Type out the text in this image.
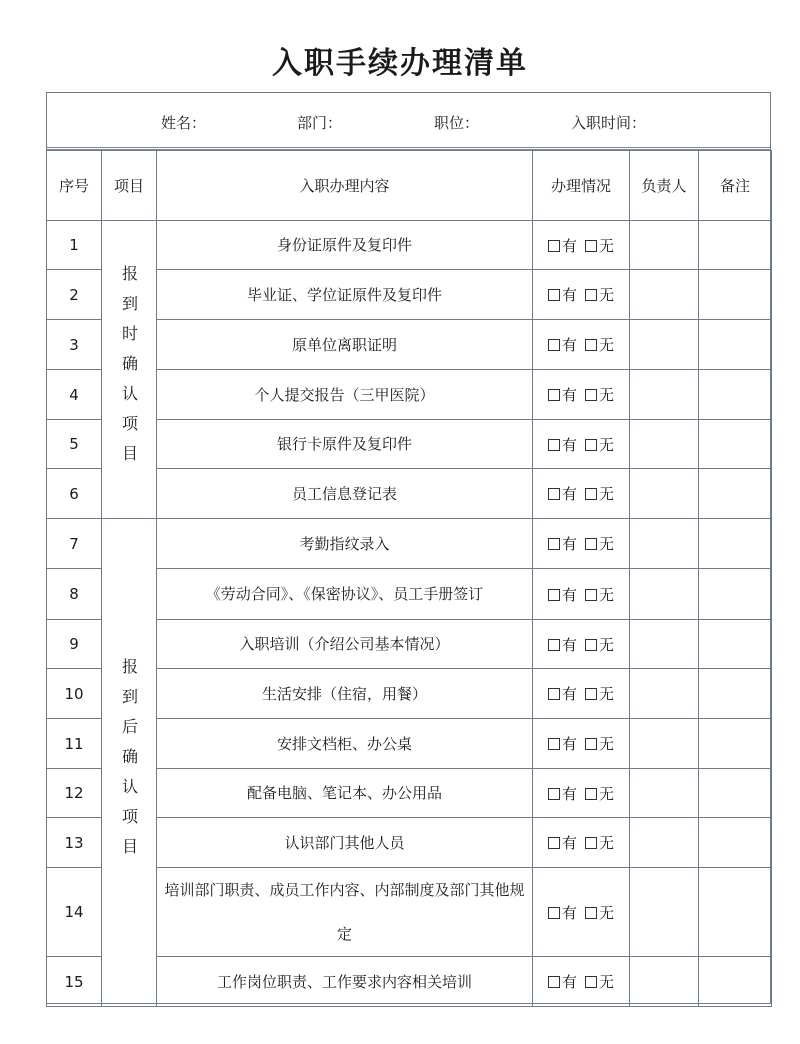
入职手续办理清单
姓名：	部门：	职位：	入职时间：
序号	项目	入职办理内容	办理情况	负责人	备注
1	报到时确认项目	身份证原件及复印件	有 无		
2		毕业证、学位证原件及复印件	有 无		
3		原单位离职证明	有 无		
4		个人提交报告（三甲医院）	有 无		
5		银行卡原件及复印件	有 无		
6		员工信息登记表	有 无		
7	报到后确认项目	考勤指纹录入	有 无		
8		《劳动合同》、《保密协议》、员工手册签订	有 无		
9		入职培训（介绍公司基本情况）	有 无		
10		生活安排（住宿，用餐）	有 无		
11		安排文档柜、办公桌	有 无		
12		配备电脑、笔记本、办公用品	有 无		
13		认识部门其他人员	有 无		
14		培训部门职责、成员工作内容、内部制度及部门其他规定	有 无		
15		工作岗位职责、工作要求内容相关培训	有 无		
